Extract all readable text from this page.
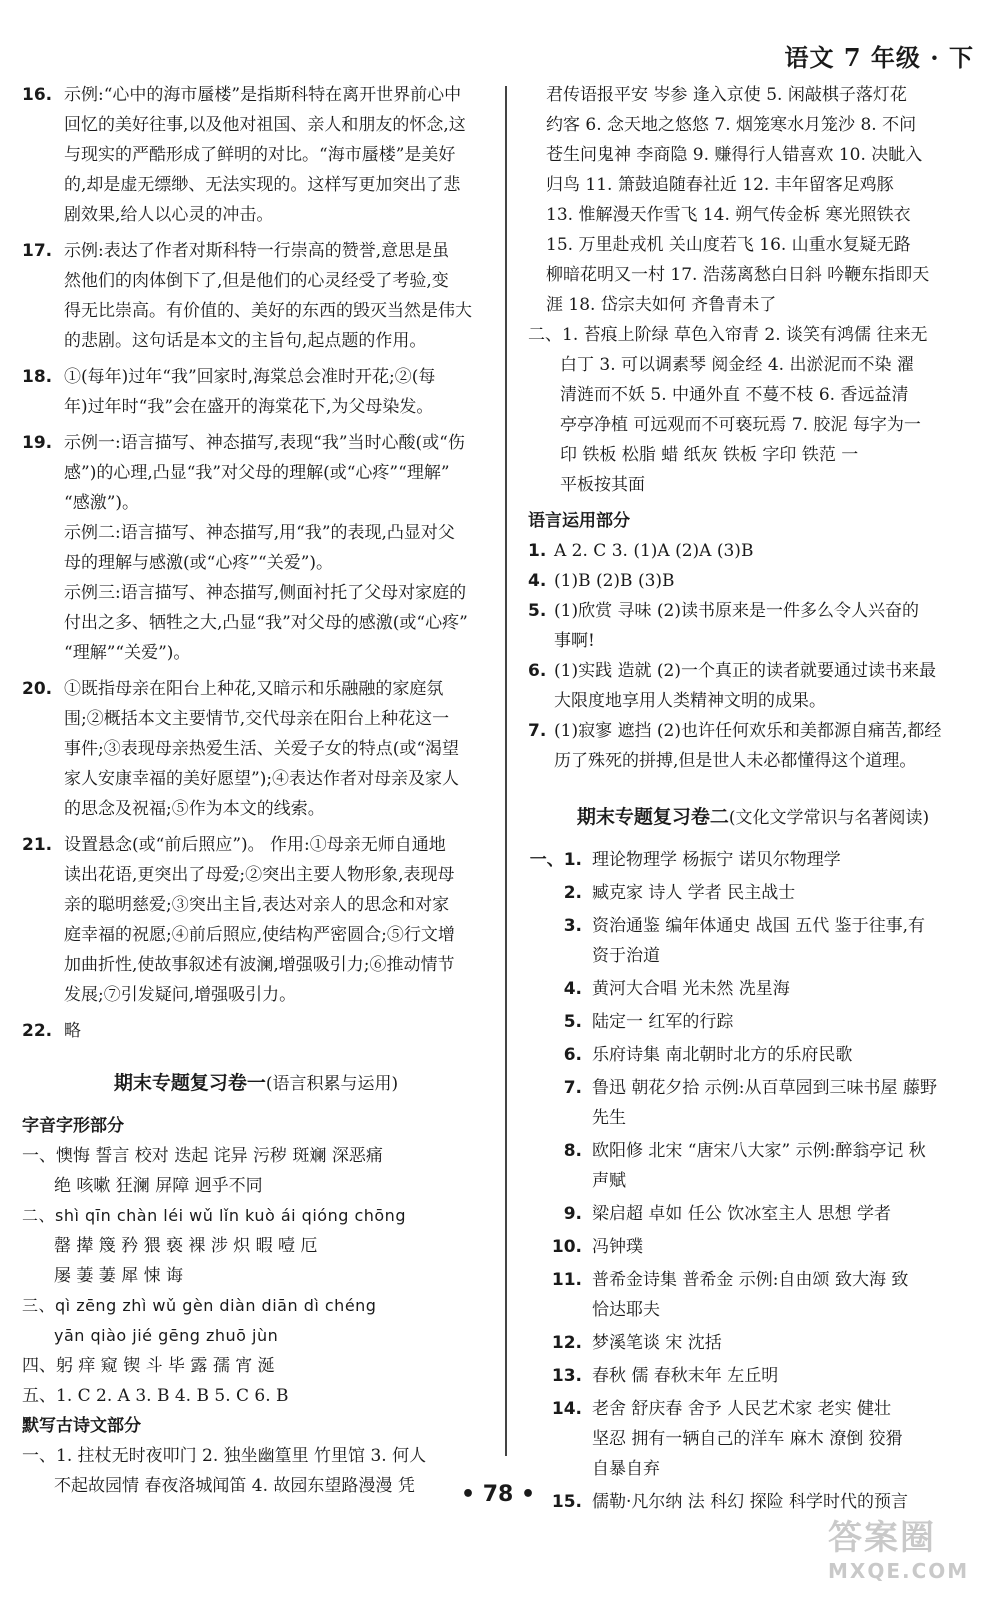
语文 7 年级 · 下
16. 示例:“心中的海市蜃楼”是指斯科特在离开世界前心中
回忆的美好往事,以及他对祖国、亲人和朋友的怀念,这
与现实的严酷形成了鲜明的对比。“海市蜃楼”是美好
的,却是虚无缥缈、无法实现的。这样写更加突出了悲
剧效果,给人以心灵的冲击。
17. 示例:表达了作者对斯科特一行崇高的赞誉,意思是虽
然他们的肉体倒下了,但是他们的心灵经受了考验,变
得无比崇高。有价值的、美好的东西的毁灭当然是伟大
的悲剧。这句话是本文的主旨句,起点题的作用。
18. ①(每年)过年“我”回家时,海棠总会准时开花;②(每
年)过年时“我”会在盛开的海棠花下,为父母染发。
19. 示例一:语言描写、神态描写,表现“我”当时心酸(或“伤
感”)的心理,凸显“我”对父母的理解(或“心疼”“理解”
“感激”)。
示例二:语言描写、神态描写,用“我”的表现,凸显对父
母的理解与感激(或“心疼”“关爱”)。
示例三:语言描写、神态描写,侧面衬托了父母对家庭的
付出之多、牺牲之大,凸显“我”对父母的感激(或“心疼”
“理解”“关爱”)。
20. ①既指母亲在阳台上种花,又暗示和乐融融的家庭氛
围;②概括本文主要情节,交代母亲在阳台上种花这一
事件;③表现母亲热爱生活、关爱子女的特点(或“渴望
家人安康幸福的美好愿望”);④表达作者对母亲及家人
的思念及祝福;⑤作为本文的线索。
21. 设置悬念(或“前后照应”)。 作用:①母亲无师自通地
读出花语,更突出了母爱;②突出主要人物形象,表现母
亲的聪明慈爱;③突出主旨,表达对亲人的思念和对家
庭幸福的祝愿;④前后照应,使结构严密圆合;⑤行文增
加曲折性,使故事叙述有波澜,增强吸引力;⑥推动情节
发展;⑦引发疑问,增强吸引力。
22. 略
期末专题复习卷一(语言积累与运用)
字音字形部分
一、懊悔 誓言 校对 迭起 诧异 污秽 斑斓 深恶痛
绝 咳嗽 狂澜 屏障 迥乎不同
二、shì qīn chàn léi wǔ lǐn kuò ái qióng chōng
罄 撵 篾 矜 猥 亵 裸 涉 炽 暇 噎 厄
屡 萋 萋 犀 悚 诲
三、qì zēng zhì wǔ gèn diàn diān dì chéng
yān qiào jié gēng zhuō jùn
四、躬 痒 窥 锲 斗 毕 露 孺 宵 涎
五、1. C 2. A 3. B 4. B 5. C 6. B
默写古诗文部分
一、1. 拄杖无时夜叩门 2. 独坐幽篁里 竹里馆 3. 何人
不起故园情 春夜洛城闻笛 4. 故园东望路漫漫 凭
君传语报平安 岑参 逢入京使 5. 闲敲棋子落灯花
约客 6. 念天地之悠悠 7. 烟笼寒水月笼沙 8. 不问
苍生问鬼神 李商隐 9. 赚得行人错喜欢 10. 决眦入
归鸟 11. 箫鼓追随春社近 12. 丰年留客足鸡豚
13. 惟解漫天作雪飞 14. 朔气传金柝 寒光照铁衣
15. 万里赴戎机 关山度若飞 16. 山重水复疑无路
柳暗花明又一村 17. 浩荡离愁白日斜 吟鞭东指即天
涯 18. 岱宗夫如何 齐鲁青未了
二、1. 苔痕上阶绿 草色入帘青 2. 谈笑有鸿儒 往来无
白丁 3. 可以调素琴 阅金经 4. 出淤泥而不染 濯
清涟而不妖 5. 中通外直 不蔓不枝 6. 香远益清
亭亭净植 可远观而不可亵玩焉 7. 胶泥 每字为一
印 铁板 松脂 蜡 纸灰 铁板 字印 铁范 一
平板按其面
语言运用部分
1. A 2. C 3. (1)A (2)A (3)B
4. (1)B (2)B (3)B
5. (1)欣赏 寻味 (2)读书原来是一件多么令人兴奋的
事啊!
6. (1)实践 造就 (2)一个真正的读者就要通过读书来最
大限度地享用人类精神文明的成果。
7. (1)寂寥 遮挡 (2)也许任何欢乐和美都源自痛苦,都经
历了殊死的拼搏,但是世人未必都懂得这个道理。
期末专题复习卷二(文化文学常识与名著阅读)
一、1. 理论物理学 杨振宁 诺贝尔物理学
2. 臧克家 诗人 学者 民主战士
3. 资治通鉴 编年体通史 战国 五代 鉴于往事,有
资于治道
4. 黄河大合唱 光未然 冼星海
5. 陆定一 红军的行踪
6. 乐府诗集 南北朝时北方的乐府民歌
7. 鲁迅 朝花夕拾 示例:从百草园到三味书屋 藤野
先生
8. 欧阳修 北宋 “唐宋八大家” 示例:醉翁亭记 秋
声赋
9. 梁启超 卓如 任公 饮冰室主人 思想 学者
10. 冯钟璞
11. 普希金诗集 普希金 示例:自由颂 致大海 致
恰达耶夫
12. 梦溪笔谈 宋 沈括
13. 春秋 儒 春秋末年 左丘明
14. 老舍 舒庆春 舍予 人民艺术家 老实 健壮
坚忍 拥有一辆自己的洋车 麻木 潦倒 狡猾
自暴自弃
15. 儒勒·凡尔纳 法 科幻 探险 科学时代的预言
• 78 •
答案圈
MXQE.COM
